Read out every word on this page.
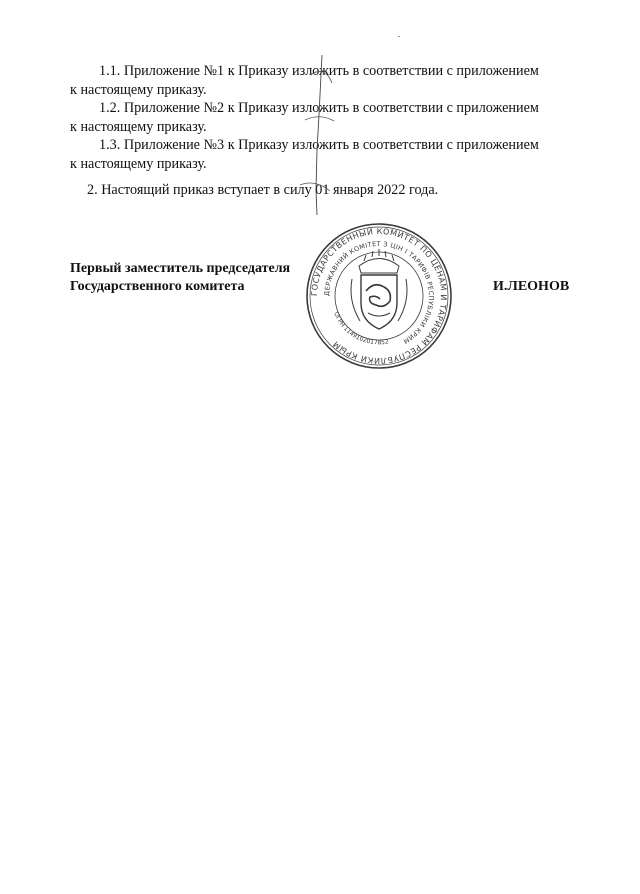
1.1. Приложение №1 к Приказу изложить в соответствии с приложением
к настоящему приказу.

1.2. Приложение №2 к Приказу изложить в соответствии с приложением
к настоящему приказу.

1.3. Приложение №3 к Приказу изложить в соответствии с приложением
к настоящему приказу.

2. Настоящий приказ вступает в силу 01 января 2022 года.

Первый заместитель председателя
Государственного комитета	И.ЛЕОНОВ
ГОСУДАРСТВЕННЫЙ КОМИТЕТ ПО ЦЕНАМ И ТАРИФАМ РЕСПУБЛИКИ КРЫМ
ДЕРЖАВНИЙ КОМІТЕТ З ЦІН І ТАРИФІВ РЕСПУБЛІКИ КРИМ
ОГРН 1149102017852
